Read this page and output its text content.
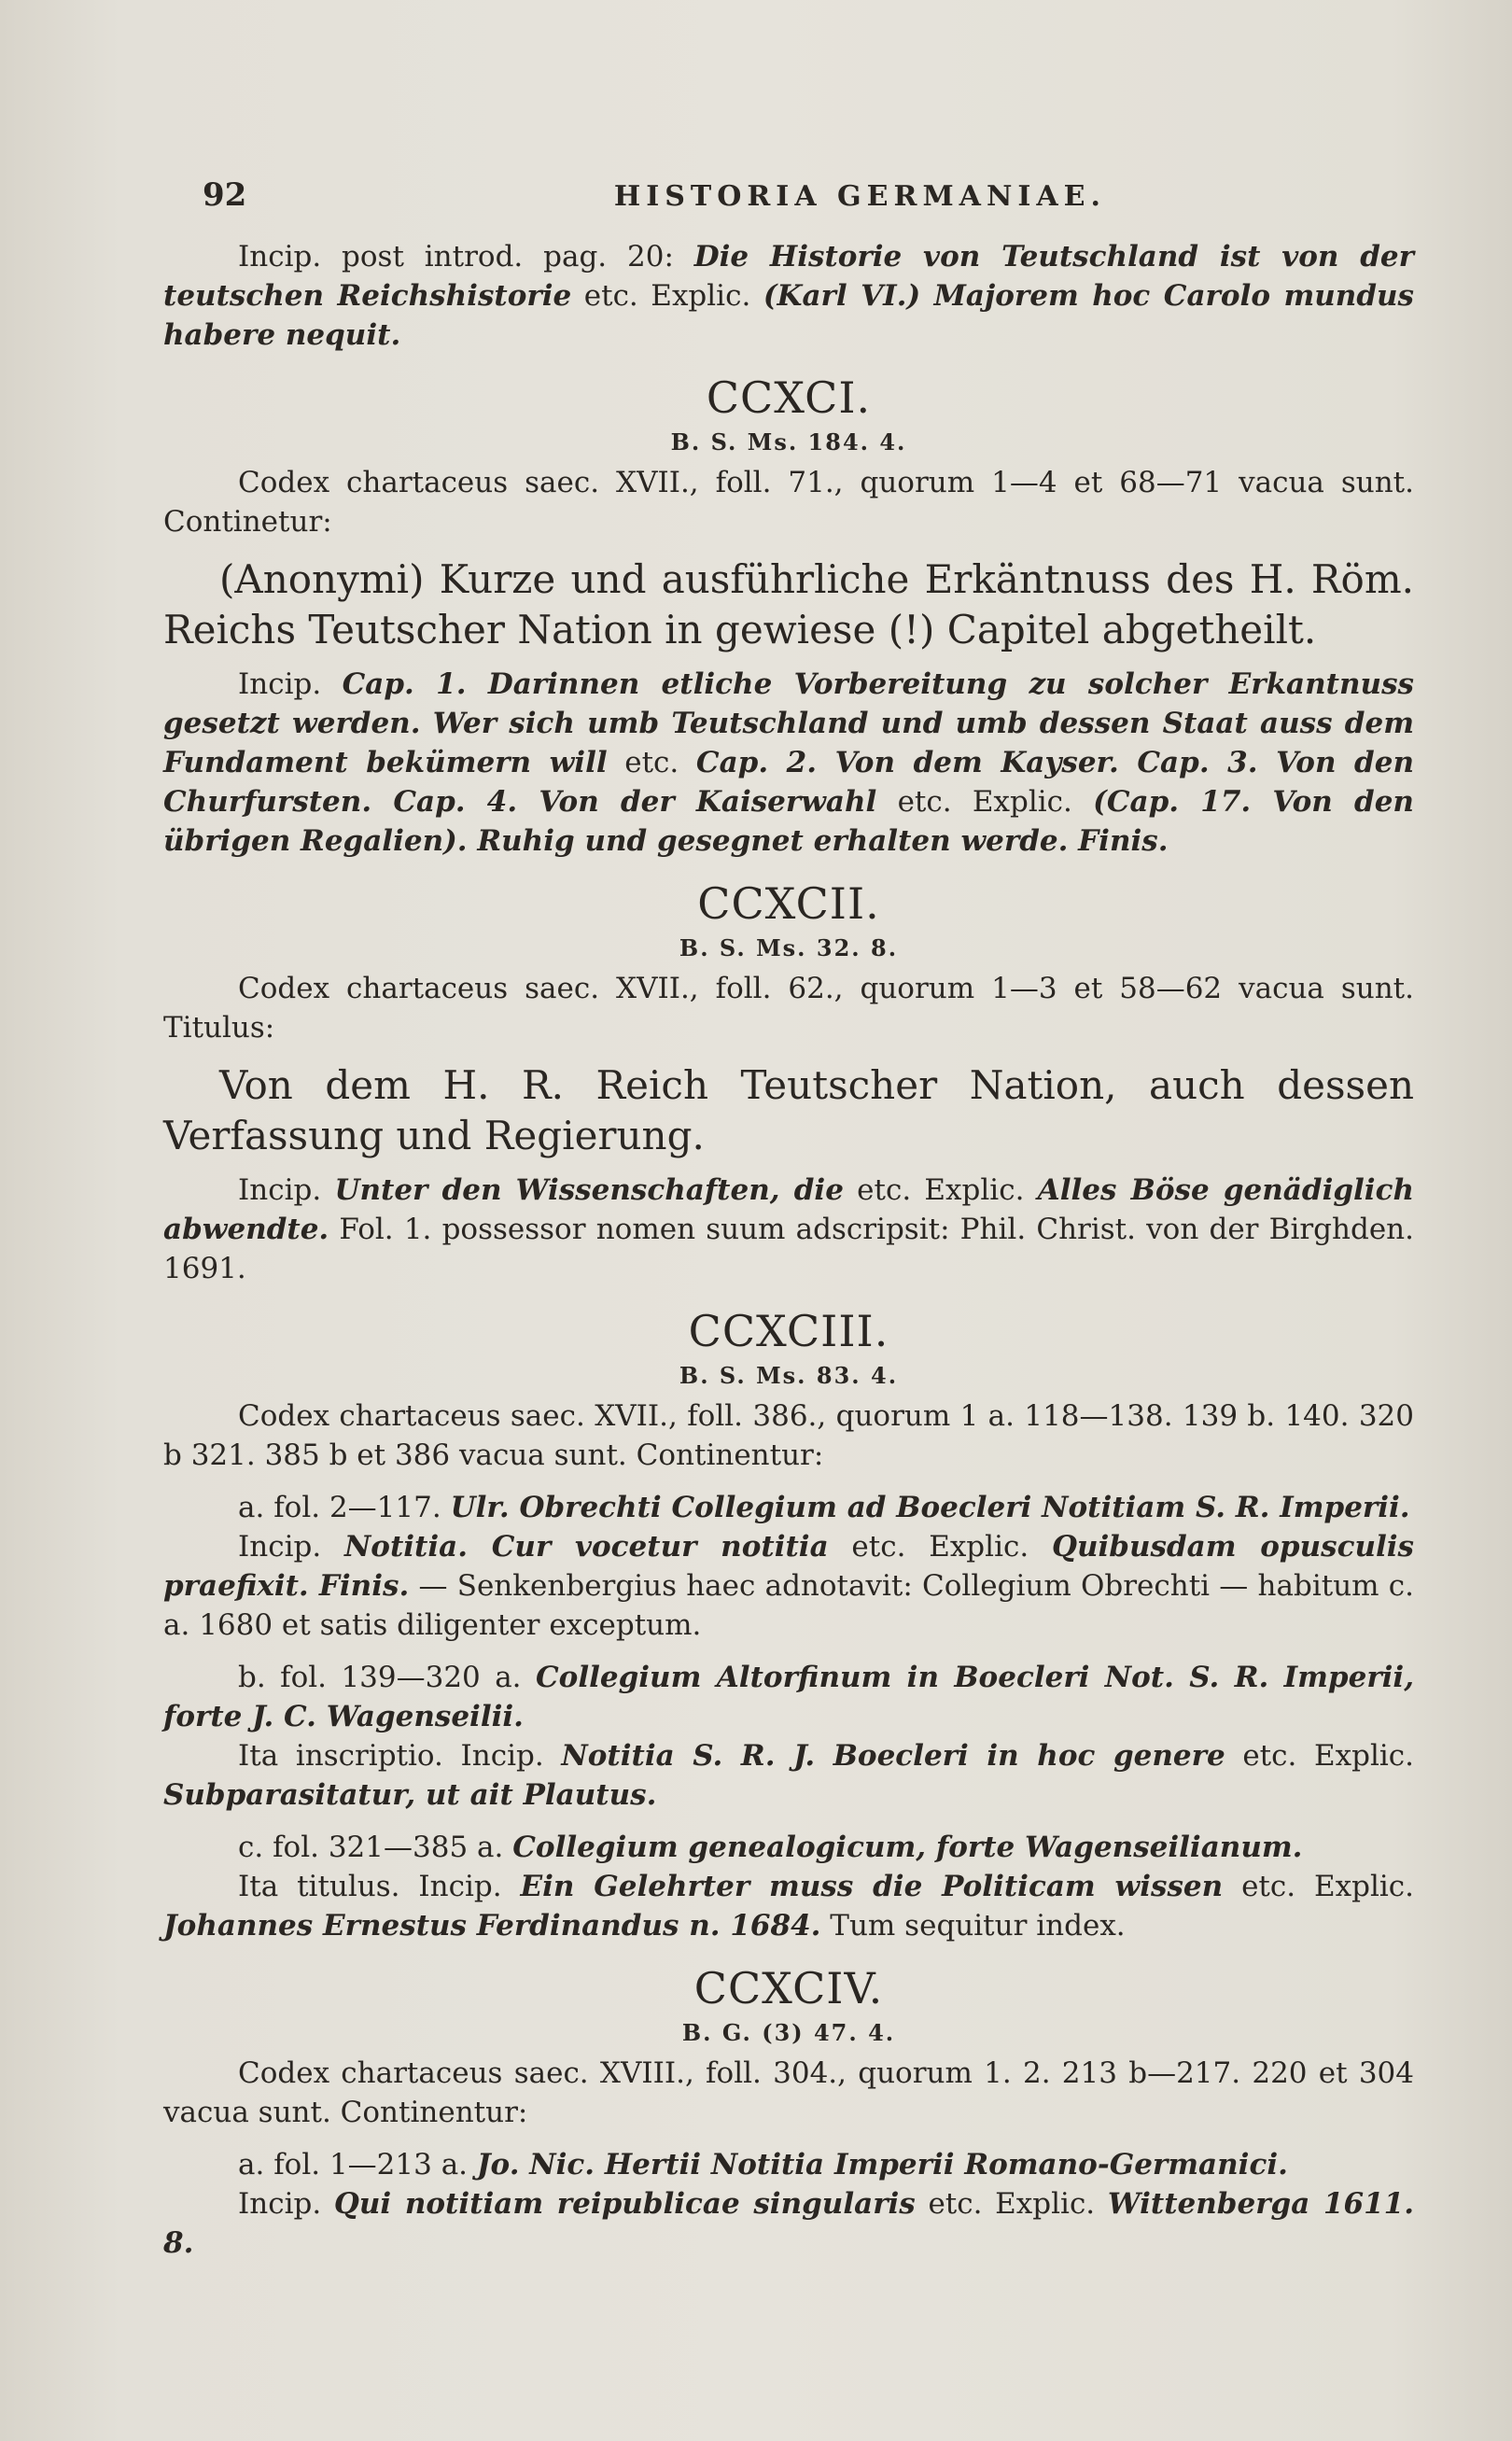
92	HISTORIA GERMANIAE.

Incip. post introd. pag. 20: Die Historie von Teutschland ist von der teutschen Reichshistorie etc. Explic. (Karl VI.) Majorem hoc Carolo mundus habere nequit.

CCXCI.
B. S. Ms. 184. 4.

Codex chartaceus saec. XVII., foll. 71., quorum 1—4 et 68—71 vacua sunt. Continetur:

(Anonymi) Kurze und ausführliche Erkäntnuss des H. Röm. Reichs Teutscher Nation in gewiese (!) Capitel abgetheilt.

Incip. Cap. 1. Darinnen etliche Vorbereitung zu solcher Erkantnuss gesetzt werden. Wer sich umb Teutschland und umb dessen Staat auss dem Fundament bekümern will etc. Cap. 2. Von dem Kayser. Cap. 3. Von den Churfursten. Cap. 4. Von der Kaiserwahl etc. Explic. (Cap. 17. Von den übrigen Regalien). Ruhig und gesegnet erhalten werde. Finis.

CCXCII.
B. S. Ms. 32. 8.

Codex chartaceus saec. XVII., foll. 62., quorum 1—3 et 58—62 vacua sunt. Titulus:

Von dem H. R. Reich Teutscher Nation, auch dessen Verfassung und Regierung.

Incip. Unter den Wissenschaften, die etc. Explic. Alles Böse genädiglich abwendte. Fol. 1. possessor nomen suum adscripsit: Phil. Christ. von der Birghden. 1691.

CCXCIII.
B. S. Ms. 83. 4.

Codex chartaceus saec. XVII., foll. 386., quorum 1 a. 118—138. 139 b. 140. 320 b 321. 385 b et 386 vacua sunt. Continentur:

a. fol. 2—117. Ulr. Obrechti Collegium ad Boecleri Notitiam S. R. Imperii.

Incip. Notitia. Cur vocetur notitia etc. Explic. Quibusdam opusculis praefixit. Finis. — Senkenbergius haec adnotavit: Collegium Obrechti — habitum c. a. 1680 et satis diligenter exceptum.

b. fol. 139—320 a. Collegium Altorfinum in Boecleri Not. S. R. Imperii, forte J. C. Wagenseilii.

Ita inscriptio. Incip. Notitia S. R. J. Boecleri in hoc genere etc. Explic. Subparasitatur, ut ait Plautus.

c. fol. 321—385 a. Collegium genealogicum, forte Wagenseilianum.

Ita titulus. Incip. Ein Gelehrter muss die Politicam wissen etc. Explic. Johannes Ernestus Ferdinandus n. 1684. Tum sequitur index.

CCXCIV.
B. G. (3) 47. 4.

Codex chartaceus saec. XVIII., foll. 304., quorum 1. 2. 213 b—217. 220 et 304 vacua sunt. Continentur:

a. fol. 1—213 a. Jo. Nic. Hertii Notitia Imperii Romano-Germanici.

Incip. Qui notitiam reipublicae singularis etc. Explic. Wittenberga 1611. 8.
